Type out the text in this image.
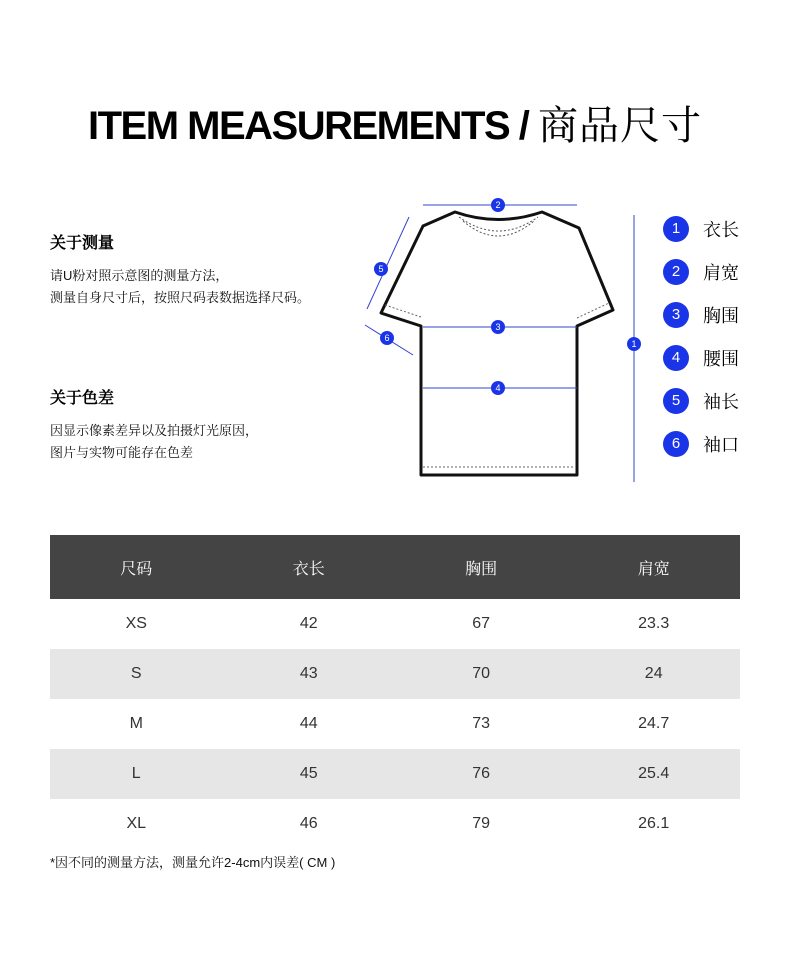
ITEM MEASUREMENTS / 商品尺寸
关于测量
请U粉对照示意图的测量方法，
测量自身尺寸后，按照尺码表数据选择尺码。
关于色差
因显示像素差异以及拍摄灯光原因，
图片与实物可能存在色差
2
3
4
1
5
6
1	衣长
2	肩宽
3	胸围
4	腰围
5	袖长
6	袖口
尺码	衣长	胸围	肩宽
XS	42	67	23.3
S	43	70	24
M	44	73	24.7
L	45	76	25.4
XL	46	79	26.1
*因不同的测量方法，测量允许2-4cm内误差( CM )
